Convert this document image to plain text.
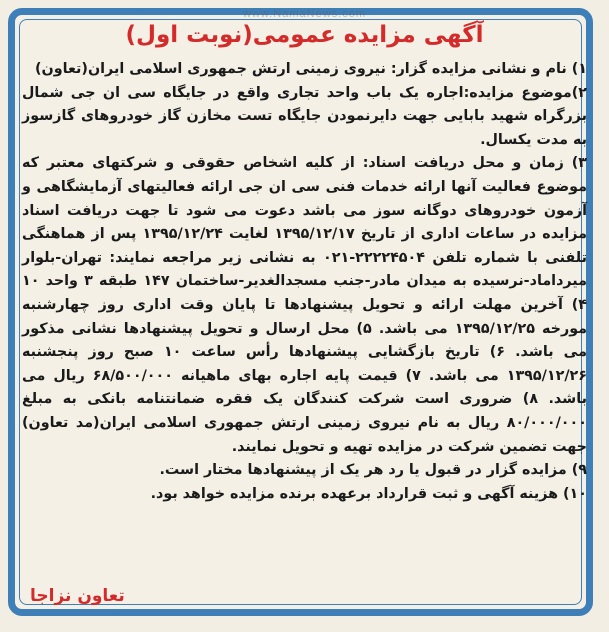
www.NamaNews.com
آگهی مزایده عمومی(نوبت اول)

۱) نام و نشانی مزایده گزار: نیروی زمینی ارتش جمهوری اسلامی ایران(تعاون)

۲)موضوع مزایده:اجاره یک باب واحد تجاری واقع در جایگاه سی ان جی شمال بزرگراه شهید بابایی جهت دایرنمودن جایگاه تست مخازن گاز خودروهای گازسوز به مدت یکسال.

۳) زمان و محل دریافت اسناد: از کلیه اشخاص حقوقی و شرکتهای معتبر که موضوع فعالیت آنها ارائه خدمات فنی سی ان جی ارائه فعالیتهای آزمایشگاهی و آزمون خودروهای دوگانه سوز می باشد دعوت می شود تا جهت دریافت اسناد مزایده در ساعات اداری از تاریخ ۱۳۹۵/۱۲/۱۷ لغایت ۱۳۹۵/۱۲/۲۴ پس از هماهنگی تلفنی با شماره تلفن ۲۲۲۲۴۵۰۴-۰۲۱ به نشانی زیر مراجعه نمایند: تهران-بلوار میرداماد-نرسیده به میدان مادر-جنب مسجدالغدیر-ساختمان ۱۴۷ طبقه ۳ واحد ۱۰ ۴) آخرین مهلت ارائه و تحویل پیشنهادها تا پایان وقت اداری روز چهارشنبه مورخه ۱۳۹۵/۱۲/۲۵ می باشد. ۵) محل ارسال و تحویل پیشنهادها نشانی مذکور می باشد. ۶) تاریخ بازگشایی پیشنهادها رأس ساعت ۱۰ صبح روز پنجشنبه ۱۳۹۵/۱۲/۲۶ می باشد. ۷) قیمت پایه اجاره بهای ماهیانه ۶۸/۵۰۰/۰۰۰ ریال می باشد. ۸) ضروری است شرکت کنندگان یک فقره ضمانتنامه بانکی به مبلغ ۸۰/۰۰۰/۰۰۰ ریال به نام نیروی زمینی ارتش جمهوری اسلامی ایران(مد تعاون) جهت تضمین شرکت در مزایده تهیه و تحویل نمایند.

۹) مزایده گزار در قبول یا رد هر یک از پیشنهادها مختار است.

۱۰) هزینه آگهی و ثبت قرارداد برعهده برنده مزایده خواهد بود.

تعاون نزاجا
